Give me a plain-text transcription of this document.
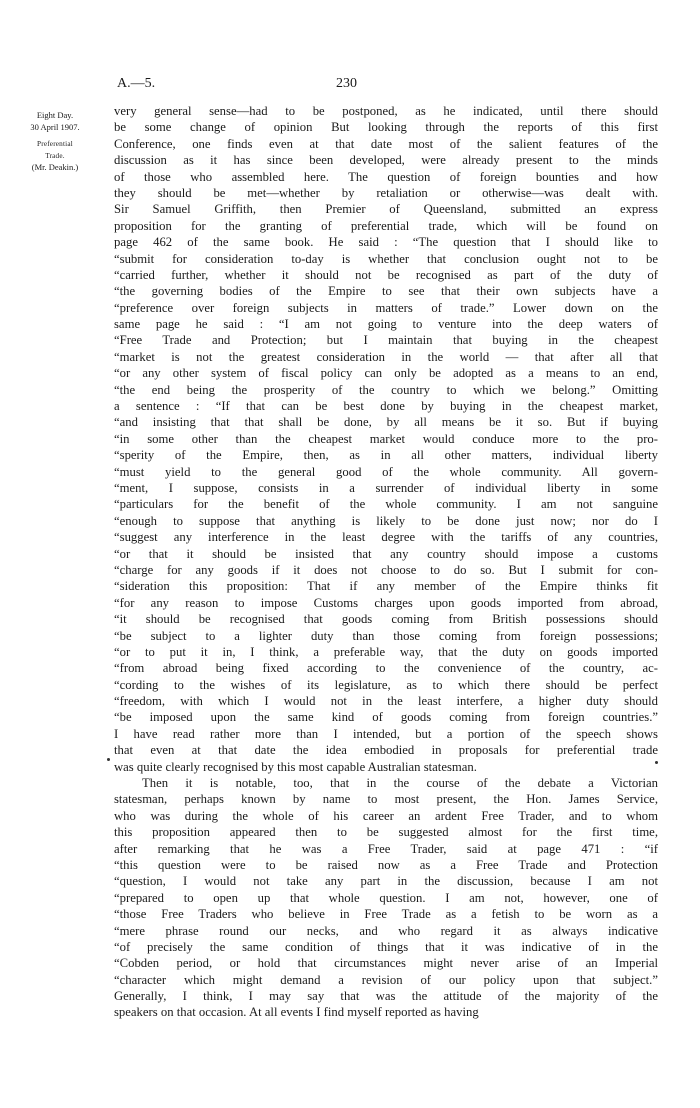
A.—5.	230
Eight Day.
30 April 1907.
Preferential
Trade.
(Mr. Deakin.)
very general sense—had to be postponed, as he indicated, until there should
be some change of opinion But looking through the reports of this first
Conference, one finds even at that date most of the salient features of the
discussion as it has since been developed, were already present to the minds
of those who assembled here. The question of foreign bounties and how
they should be met—whether by retaliation or otherwise—was dealt with.
Sir Samuel Griffith, then Premier of Queensland, submitted an express
proposition for the granting of preferential trade, which will be found on
page 462 of the same book. He said : “The question that I should like to
“submit for consideration to-day is whether that conclusion ought not to be
“carried further, whether it should not be recognised as part of the duty of
“the governing bodies of the Empire to see that their own subjects have a
“preference over foreign subjects in matters of trade.” Lower down on the
same page he said : “I am not going to venture into the deep waters of
“Free Trade and Protection; but I maintain that buying in the cheapest
“market is not the greatest consideration in the world — that after all that
“or any other system of fiscal policy can only be adopted as a means to an end,
“the end being the prosperity of the country to which we belong.” Omitting
a sentence : “If that can be best done by buying in the cheapest market,
“and insisting that that shall be done, by all means be it so. But if buying
“in some other than the cheapest market would conduce more to the pro-
“sperity of the Empire, then, as in all other matters, individual liberty
“must yield to the general good of the whole community. All govern-
“ment, I suppose, consists in a surrender of individual liberty in some
“particulars for the benefit of the whole community. I am not sanguine
“enough to suppose that anything is likely to be done just now; nor do I
“suggest any interference in the least degree with the tariffs of any countries,
“or that it should be insisted that any country should impose a customs
“charge for any goods if it does not choose to do so. But I submit for con-
“sideration this proposition: That if any member of the Empire thinks fit
“for any reason to impose Customs charges upon goods imported from abroad,
“it should be recognised that goods coming from British possessions should
“be subject to a lighter duty than those coming from foreign possessions;
“or to put it in, I think, a preferable way, that the duty on goods imported
“from abroad being fixed according to the convenience of the country, ac-
“cording to the wishes of its legislature, as to which there should be perfect
“freedom, with which I would not in the least interfere, a higher duty should
“be imposed upon the same kind of goods coming from foreign countries.”
I have read rather more than I intended, but a portion of the speech shows
that even at that date the idea embodied in proposals for preferential trade
was quite clearly recognised by this most capable Australian statesman.
Then it is notable, too, that in the course of the debate a Victorian
statesman, perhaps known by name to most present, the Hon. James Service,
who was during the whole of his career an ardent Free Trader, and to whom
this proposition appeared then to be suggested almost for the first time,
after remarking that he was a Free Trader, said at page 471 : “if
“this question were to be raised now as a Free Trade and Protection
“question, I would not take any part in the discussion, because I am not
“prepared to open up that whole question. I am not, however, one of
“those Free Traders who believe in Free Trade as a fetish to be worn as a
“mere phrase round our necks, and who regard it as always indicative
“of precisely the same condition of things that it was indicative of in the
“Cobden period, or hold that circumstances might never arise of an Imperial
“character which might demand a revision of our policy upon that subject.”
Generally, I think, I may say that was the attitude of the majority of the
speakers on that occasion. At all events I find myself reported as having
